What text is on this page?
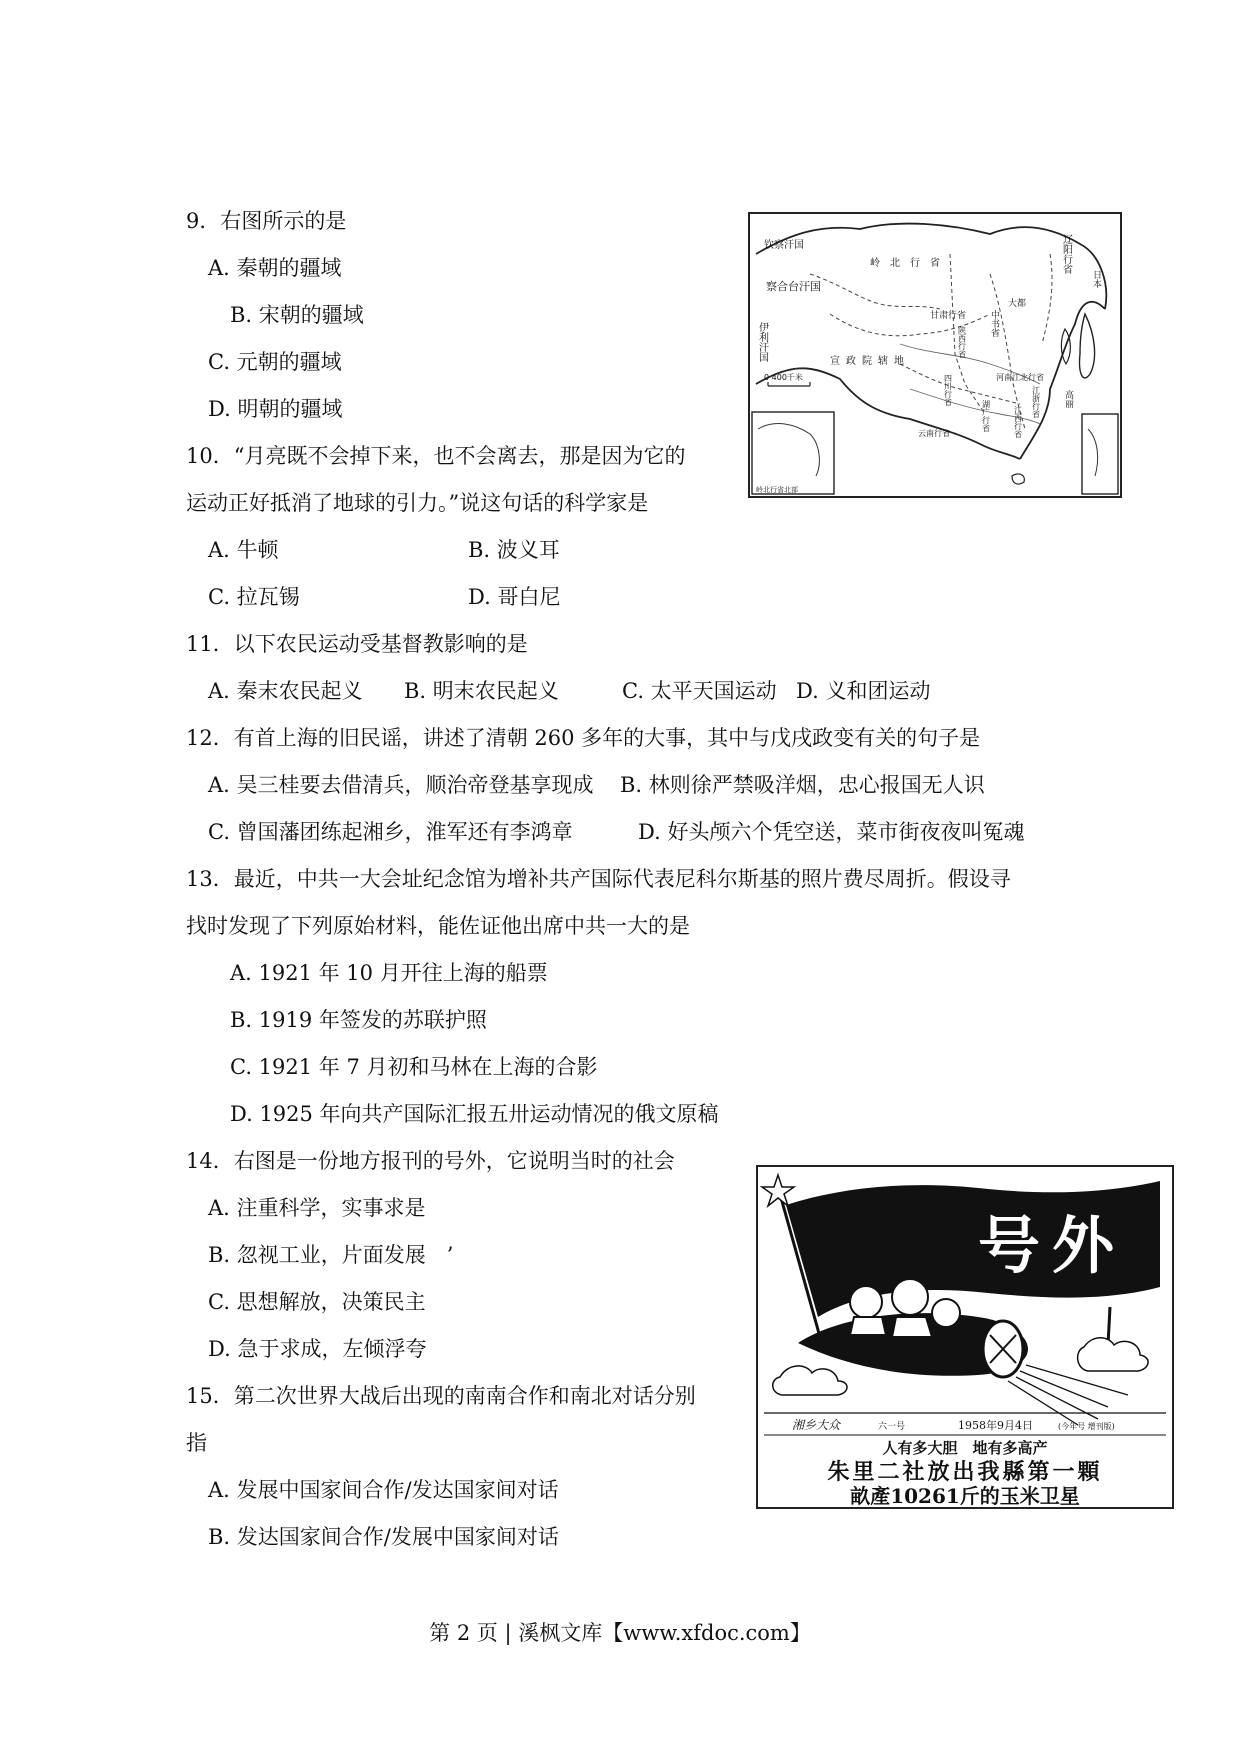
9．右图所示的是
A. 秦朝的疆域
B. 宋朝的疆域
C. 元朝的疆域
D. 明朝的疆域
钦察汗国
岭北行省	辽阳行省
察合台汗国
伊利汗国	宣政院辖地
甘肃行省
陕西行省
中书省
大都
河南江北行省
四川行省
云南行省
湖广行省	江浙行省
江西行省
日本
高丽
0 400千米
岭北行省北部
10．“月亮既不会掉下来，也不会离去，那是因为它的
运动正好抵消了地球的引力。”说这句话的科学家是
A. 牛顿	B. 波义耳
C. 拉瓦锡	D. 哥白尼
11．以下农民运动受基督教影响的是
A. 秦末农民起义 B. 明末农民起义	C. 太平天国运动 D. 义和团运动
12．有首上海的旧民谣，讲述了清朝 260 多年的大事，其中与戊戌政变有关的句子是
A. 吴三桂要去借清兵，顺治帝登基享现成 B. 林则徐严禁吸洋烟，忠心报国无人识
C. 曾国藩团练起湘乡，淮军还有李鸿章	D. 好头颅六个凭空送，菜市街夜夜叫冤魂
13．最近，中共一大会址纪念馆为增补共产国际代表尼科尔斯基的照片费尽周折。假设寻
找时发现了下列原始材料，能佐证他出席中共一大的是
A. 1921 年 10 月开往上海的船票
B. 1919 年签发的苏联护照
C. 1921 年 7 月初和马林在上海的合影
D. 1925 年向共产国际汇报五卅运动情况的俄文原稿
14．右图是一份地方报刊的号外，它说明当时的社会
A. 注重科学，实事求是
B. 忽视工业，片面发展　’
C. 思想解放，决策民主
D. 急于求成，左倾浮夸
号外
湘乡大众	六一号	1958年9月4日	(今年号 增刊版)
人有多大胆　地有多高产
朱里二社放出我縣第一顆
畝產10261斤的玉米卫星
15．第二次世界大战后出现的南南合作和南北对话分别
指
A. 发展中国家间合作/发达国家间对话
B. 发达国家间合作/发展中国家间对话
第 2 页 | 溪枫文库【www.xfdoc.com】
